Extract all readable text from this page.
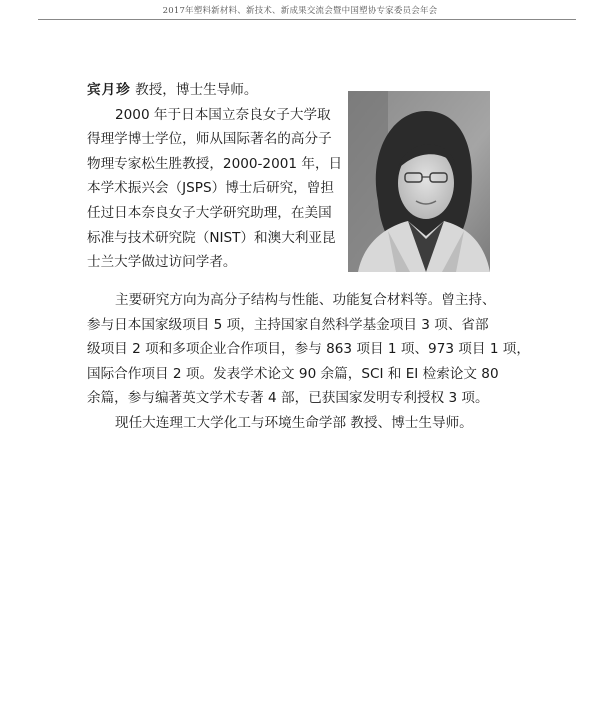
2017年塑料新材料、新技术、新成果交流会暨中国塑协专家委员会年会

宾月珍 教授，博士生导师。

2000 年于日本国立奈良女子大学取
得理学博士学位，师从国际著名的高分子
物理专家松生胜教授，2000-2001 年，日
本学术振兴会（JSPS）博士后研究，曾担
任过日本奈良女子大学研究助理，在美国
标准与技术研究院（NIST）和澳大利亚昆
士兰大学做过访问学者。
主要研究方向为高分子结构与性能、功能复合材料等。曾主持、
参与日本国家级项目 5 项，主持国家自然科学基金项目 3 项、省部
级项目 2 项和多项企业合作项目，参与 863 项目 1 项、973 项目 1 项，
国际合作项目 2 项。发表学术论文 90 余篇，SCI 和 EI 检索论文 80
余篇，参与编著英文学术专著 4 部，已获国家发明专利授权 3 项。
现任大连理工大学化工与环境生命学部 教授、博士生导师。
